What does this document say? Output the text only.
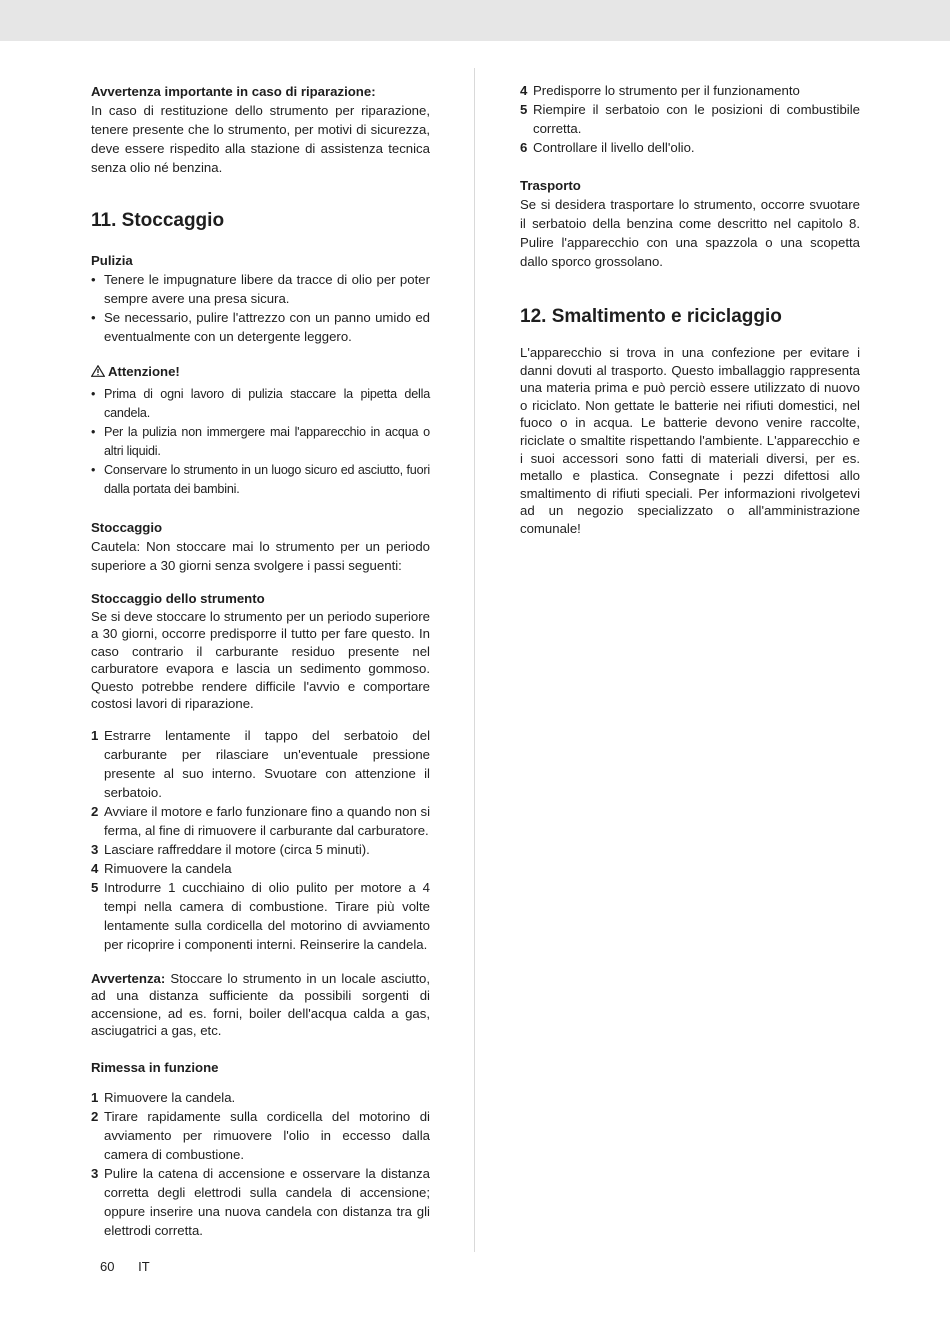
Avvertenza importante in caso di riparazione:

In caso di restituzione dello strumento per riparazione, tenere presente che lo strumento, per motivi di sicurezza, deve essere rispedito alla stazione di assistenza tecnica senza olio né benzina.

11. Stoccaggio

Pulizia

• Tenere le impugnature libere da tracce di olio per poter sempre avere una presa sicura.
• Se necessario, pulire l'attrezzo con un panno umido ed eventualmente con un detergente leggero.

Attenzione!

• Prima di ogni lavoro di pulizia staccare la pipetta della candela.
• Per la pulizia non immergere mai l'apparecchio in acqua o altri liquidi.
• Conservare lo strumento in un luogo sicuro ed asciutto, fuori dalla portata dei bambini.

Stoccaggio

Cautela: Non stoccare mai lo strumento per un periodo superiore a 30 giorni senza svolgere i passi seguenti:

Stoccaggio dello strumento

Se si deve stoccare lo strumento per un periodo superiore a 30 giorni, occorre predisporre il tutto per fare questo. In caso contrario il carburante residuo presente nel carburatore evapora e lascia un sedimento gommoso. Questo potrebbe rendere difficile l'avvio e comportare costosi lavori di riparazione.

1 Estrarre lentamente il tappo del serbatoio del carburante per rilasciare un'eventuale pressione presente al suo interno. Svuotare con attenzione il serbatoio.
2 Avviare il motore e farlo funzionare fino a quando non si ferma, al fine di rimuovere il carburante dal carburatore.
3 Lasciare raffreddare il motore (circa 5 minuti).
4 Rimuovere la candela
5 Introdurre 1 cucchiaino di olio pulito per motore a 4 tempi nella camera di combustione. Tirare più volte lentamente sulla cordicella del motorino di avviamento per ricoprire i componenti interni. Reinserire la candela.

Avvertenza: Stoccare lo strumento in un locale asciutto, ad una distanza sufficiente da possibili sorgenti di accensione, ad es. forni, boiler dell'acqua calda a gas, asciugatrici a gas, etc.

Rimessa in funzione

1 Rimuovere la candela.
2 Tirare rapidamente sulla cordicella del motorino di avviamento per rimuovere l'olio in eccesso dalla camera di combustione.
3 Pulire la catena di accensione e osservare la distanza corretta degli elettrodi sulla candela di accensione; oppure inserire una nuova candela con distanza tra gli elettrodi corretta.
4 Predisporre lo strumento per il funzionamento
5 Riempire il serbatoio con le posizioni di combustibile corretta.
6 Controllare il livello dell'olio.

Trasporto

Se si desidera trasportare lo strumento, occorre svuotare il serbatoio della benzina come descritto nel capitolo 8. Pulire l'apparecchio con una spazzola o una scopetta dallo sporco grossolano.

12. Smaltimento e riciclaggio

L'apparecchio si trova in una confezione per evitare i danni dovuti al trasporto. Questo imballaggio rappresenta una materia prima e può perciò essere utilizzato di nuovo o riciclato. Non gettate le batterie nei rifiuti domestici, nel fuoco o in acqua. Le batterie devono venire raccolte, riciclate o smaltite rispettando l'ambiente. L'apparecchio e i suoi accessori sono fatti di materiali diversi, per es. metallo e plastica. Consegnate i pezzi difettosi allo smaltimento di rifiuti speciali. Per informazioni rivolgetevi ad un negozio specializzato o all'amministrazione comunale!

60 IT
